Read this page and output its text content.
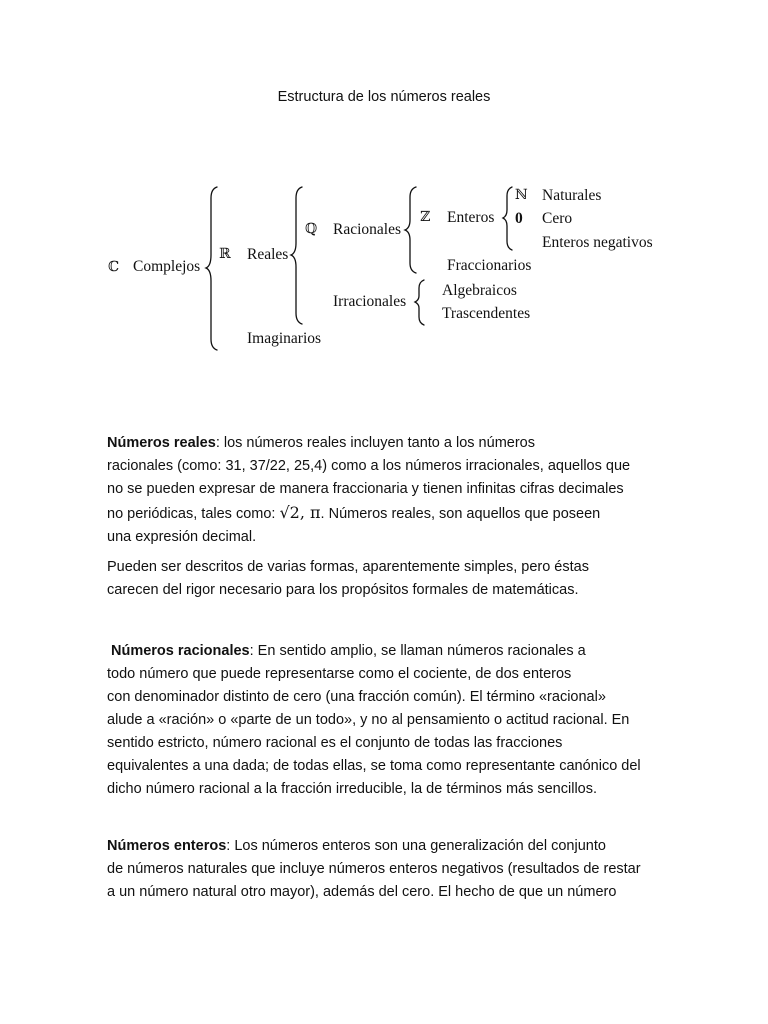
Estructura de los números reales
ℂ Complejos
ℝ Reales
Imaginarios
ℚ Racionales
Irracionales
ℤ Enteros
Fraccionarios
ℕ Naturales
0 Cero
Enteros negativos
Algebraicos
Trascendentes

Números reales: los números reales incluyen tanto a los números

racionales (como: 31, 37/22, 25,4) como a los números irracionales, aquellos que

no se pueden expresar de manera fraccionaria y tienen infinitas cifras decimales

no periódicas, tales como: √2, π. Números reales, son aquellos que poseen

una expresión decimal.

Pueden ser descritos de varias formas, aparentemente simples, pero éstas

carecen del rigor necesario para los propósitos formales de matemáticas.

Números racionales: En sentido amplio, se llaman números racionales a

todo número que puede representarse como el cociente, de dos enteros

con denominador distinto de cero (una fracción común). El término «racional»

alude a «ración» o «parte de un todo», y no al pensamiento o actitud racional. En

sentido estricto, número racional es el conjunto de todas las fracciones

equivalentes a una dada; de todas ellas, se toma como representante canónico del

dicho número racional a la fracción irreducible, la de términos más sencillos.

Números enteros: Los números enteros son una generalización del conjunto

de números naturales que incluye números enteros negativos (resultados de restar

a un número natural otro mayor), además del cero. El hecho de que un número
